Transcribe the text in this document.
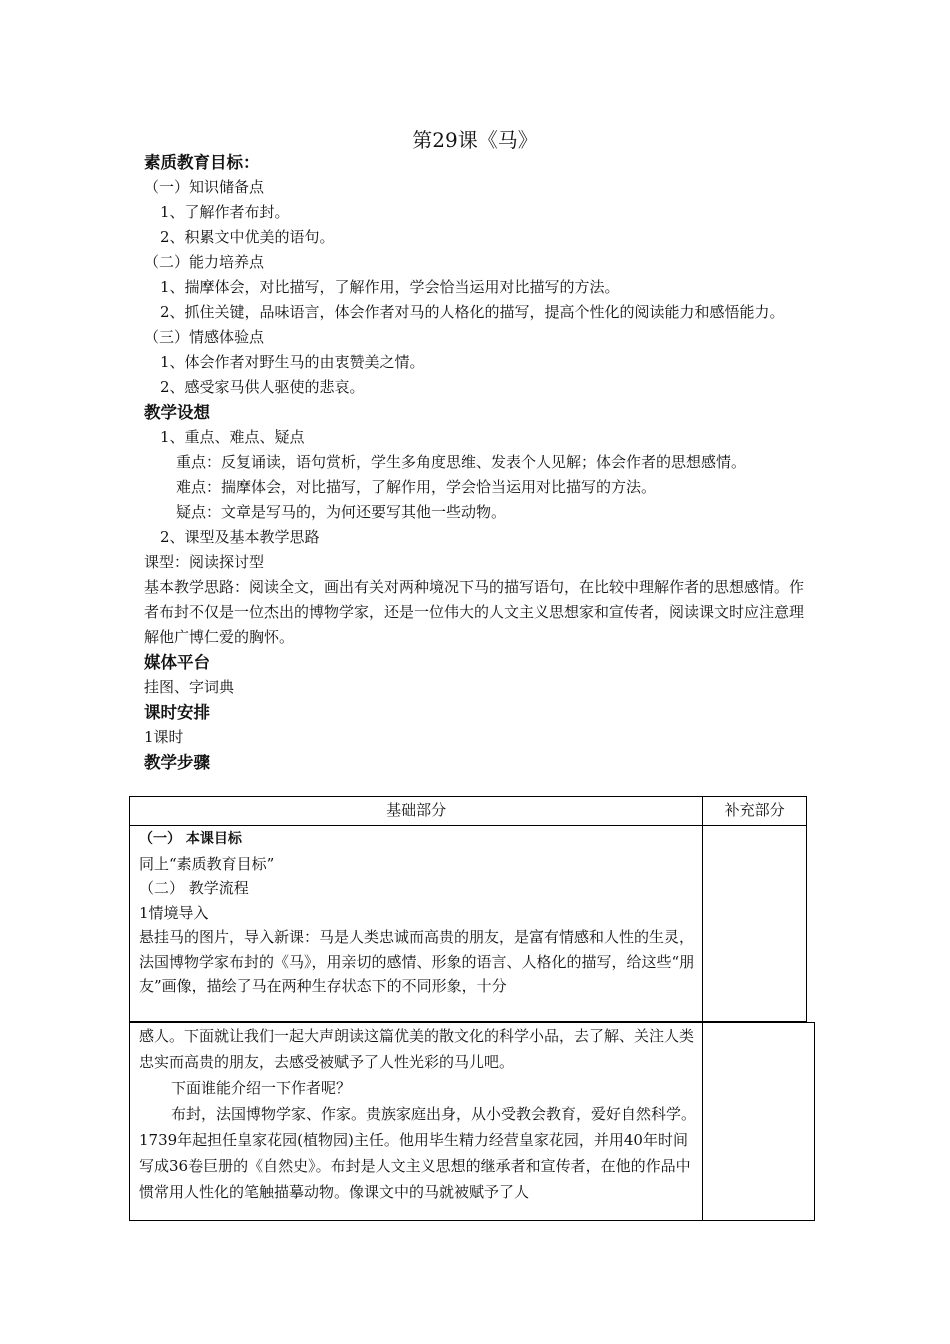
第29课《马》
素质教育目标：
（一）知识储备点
1、了解作者布封。
2、积累文中优美的语句。
（二）能力培养点
1、揣摩体会，对比描写，了解作用，学会恰当运用对比描写的方法。
2、抓住关键，品味语言，体会作者对马的人格化的描写，提高个性化的阅读能力和感悟能力。
（三）情感体验点
1、体会作者对野生马的由衷赞美之情。
2、感受家马供人驱使的悲哀。
教学设想
1、重点、难点、疑点
重点：反复诵读，语句赏析，学生多角度思维、发表个人见解；体会作者的思想感情。
难点：揣摩体会，对比描写，了解作用，学会恰当运用对比描写的方法。
疑点：文章是写马的，为何还要写其他一些动物。
2、课型及基本教学思路
课型：阅读探讨型
基本教学思路：阅读全文，画出有关对两种境况下马的描写语句，在比较中理解作者的思想感情。作者布封不仅是一位杰出的博物学家，还是一位伟大的人文主义思想家和宣传者，阅读课文时应注意理解他广博仁爱的胸怀。
媒体平台
挂图、字词典
课时安排
1课时
教学步骤
基础部分	补充部分

（一） 本课目标
同上“素质教育目标”
（二） 教学流程
1情境导入
悬挂马的图片，导入新课：马是人类忠诚而高贵的朋友，是富有情感和人性的生灵，法国博物学家布封的《马》，用亲切的感情、形象的语言、人格化的描写，给这些“朋友”画像，描绘了马在两种生存状态下的不同形象，十分	

感人。下面就让我们一起大声朗读这篇优美的散文化的科学小品，去了解、关注人类忠实而高贵的朋友，去感受被赋予了人性光彩的马儿吧。
下面谁能介绍一下作者呢？
布封，法国博物学家、作家。贵族家庭出身，从小受教会教育，爱好自然科学。1739年起担任皇家花园(植物园)主任。他用毕生精力经营皇家花园，并用40年时间写成36卷巨册的《自然史》。布封是人文主义思想的继承者和宣传者，在他的作品中惯常用人性化的笔触描摹动物。像课文中的马就被赋予了人
